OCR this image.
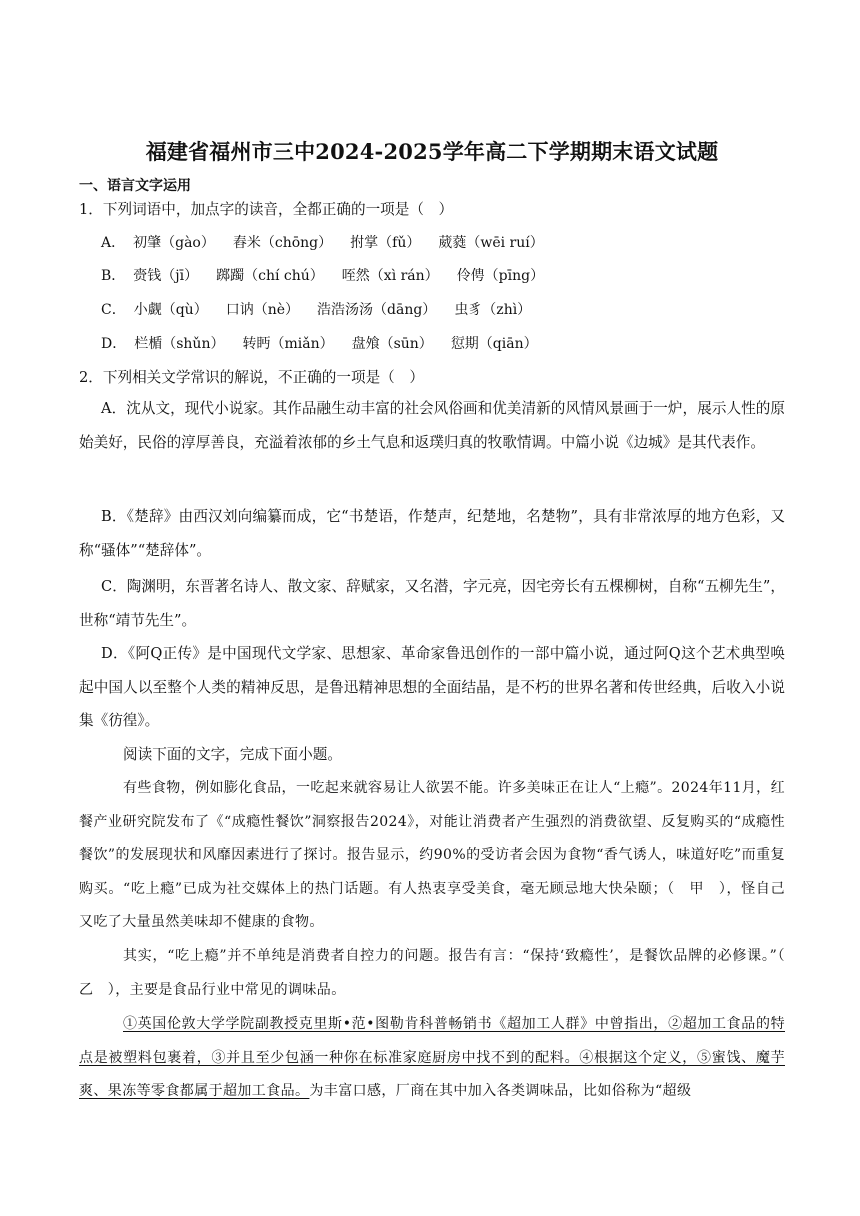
福建省福州市三中2024-2025学年高二下学期期末语文试题
一、语言文字运用
1．下列词语中，加点字的读音，全都正确的一项是（　）
A． 初肇（gào） 舂米（chōng） 拊掌（fǔ） 葳蕤（wēi ruí）
B． 赍钱（jī） 踯躅（chí chú） 咥然（xì rán） 伶俜（pīng）
C． 小觑（qù） 口讷（nè） 浩浩汤汤（dāng） 虫豸（zhì）
D． 栏楯（shǔn） 转眄（miǎn） 盘飧（sūn） 愆期（qiān）
2．下列相关文学常识的解说，不正确的一项是（　）
A．沈从文，现代小说家。其作品融生动丰富的社会风俗画和优美清新的风情风景画于一炉，展示人性的原始美好，民俗的淳厚善良，充溢着浓郁的乡土气息和返璞归真的牧歌情调。中篇小说《边城》是其代表作。
B．《楚辞》由西汉刘向编纂而成，它“书楚语，作楚声，纪楚地，名楚物”，具有非常浓厚的地方色彩，又称“骚体”“楚辞体”。
C．陶渊明，东晋著名诗人、散文家、辞赋家，又名潜，字元亮，因宅旁长有五棵柳树，自称“五柳先生”，世称“靖节先生”。
D．《阿Q正传》是中国现代文学家、思想家、革命家鲁迅创作的一部中篇小说，通过阿Q这个艺术典型唤起中国人以至整个人类的精神反思，是鲁迅精神思想的全面结晶，是不朽的世界名著和传世经典，后收入小说集《彷徨》。
阅读下面的文字，完成下面小题。
有些食物，例如膨化食品，一吃起来就容易让人欲罢不能。许多美味正在让人“上瘾”。2024年11月，红餐产业研究院发布了《“成瘾性餐饮”洞察报告2024》，对能让消费者产生强烈的消费欲望、反复购买的“成瘾性餐饮”的发展现状和风靡因素进行了探讨。报告显示，约90%的受访者会因为食物“香气诱人，味道好吃”而重复购买。“吃上瘾”已成为社交媒体上的热门话题。有人热衷享受美食，毫无顾忌地大快朵颐；（　甲　），怪自己又吃了大量虽然美味却不健康的食物。
其实，“吃上瘾”并不单纯是消费者自控力的问题。报告有言：“保持‘致瘾性’，是餐饮品牌的必修课。”（　乙　），主要是食品行业中常见的调味品。
①英国伦敦大学学院副教授克里斯•范•图勒肯科普畅销书《超加工人群》中曾指出，②超加工食品的特点是被塑料包裹着，③并且至少包涵一种你在标准家庭厨房中找不到的配料。④根据这个定义，⑤蜜饯、魔芋爽、果冻等零食都属于超加工食品。为丰富口感，厂商在其中加入各类调味品，比如俗称为“超级
